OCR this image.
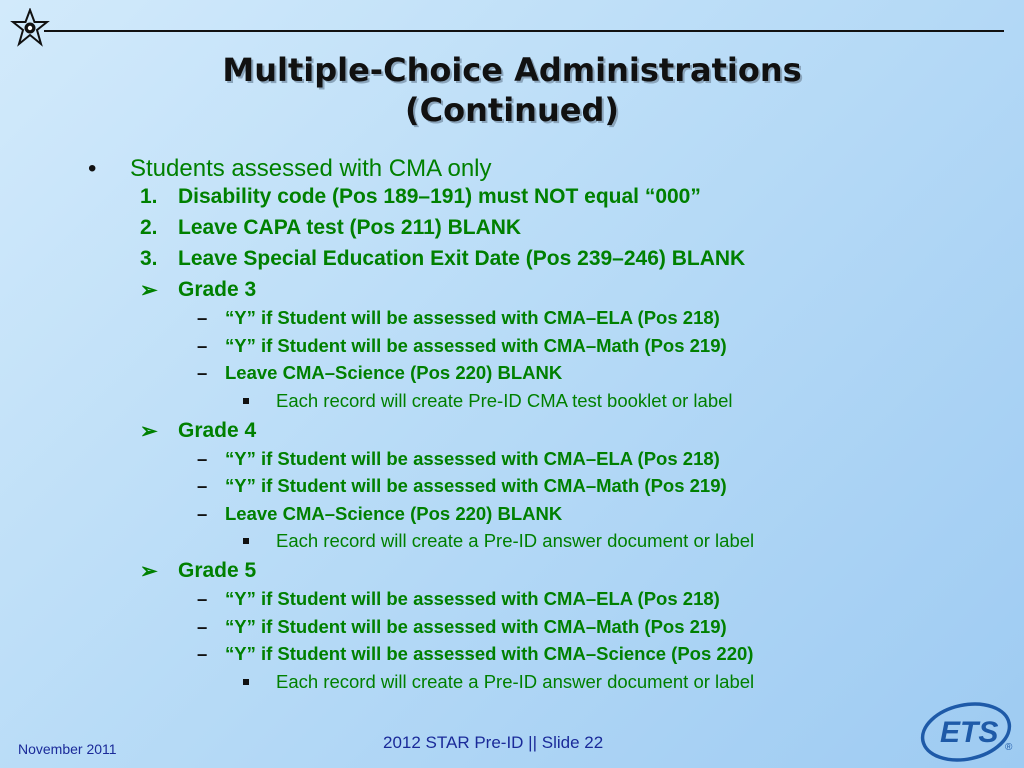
Multiple-Choice Administrations
(Continued)
• Students assessed with CMA only
1. Disability code (Pos 189–191) must NOT equal “000”
2. Leave CAPA test (Pos 211) BLANK
3. Leave Special Education Exit Date (Pos 239–246) BLANK
➢ Grade 3
– “Y” if Student will be assessed with CMA–ELA (Pos 218)
– “Y” if Student will be assessed with CMA–Math (Pos 219)
– Leave CMA–Science (Pos 220) BLANK
Each record will create Pre-ID CMA test booklet or label
➢ Grade 4
– “Y” if Student will be assessed with CMA–ELA (Pos 218)
– “Y” if Student will be assessed with CMA–Math (Pos 219)
– Leave CMA–Science (Pos 220) BLANK
Each record will create a Pre-ID answer document or label
➢ Grade 5
– “Y” if Student will be assessed with CMA–ELA (Pos 218)
– “Y” if Student will be assessed with CMA–Math (Pos 219)
– “Y” if Student will be assessed with CMA–Science (Pos 220)
Each record will create a Pre-ID answer document or label
November 2011	2012 STAR Pre-ID || Slide 22	ETS ®
